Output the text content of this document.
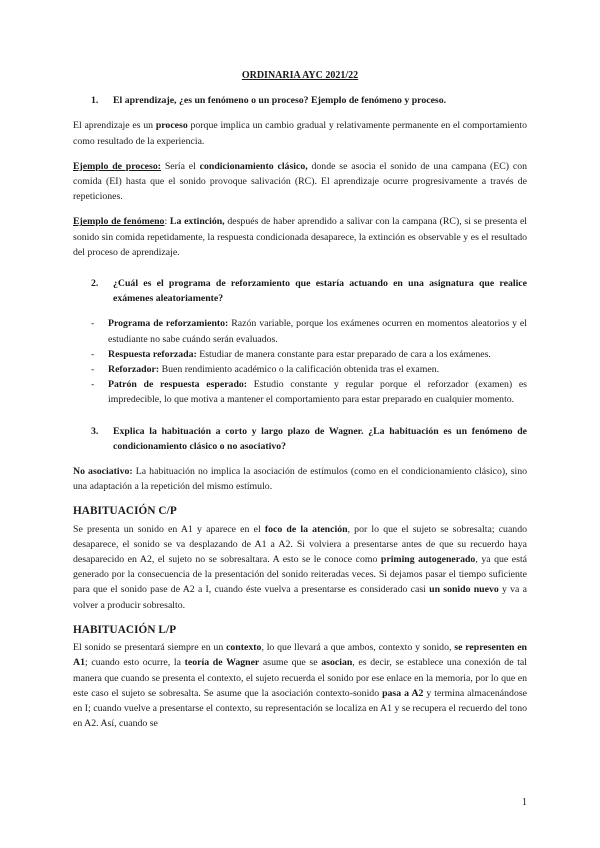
ORDINARIA AYC 2021/22
1.	El aprendizaje, ¿es un fenómeno o un proceso? Ejemplo de fenómeno y proceso.

El aprendizaje es un proceso porque implica un cambio gradual y relativamente permanente en el comportamiento como resultado de la experiencia.

Ejemplo de proceso: Sería el condicionamiento clásico, donde se asocia el sonido de una campana (EC) con comida (EI) hasta que el sonido provoque salivación (RC). El aprendizaje ocurre progresivamente a través de repeticiones.

Ejemplo de fenómeno: La extinción, después de haber aprendido a salivar con la campana (RC), si se presenta el sonido sin comida repetidamente, la respuesta condicionada desaparece, la extinción es observable y es el resultado del proceso de aprendizaje.

2.	¿Cuál es el programa de reforzamiento que estaría actuando en una asignatura que realice exámenes aleatoriamente?
-	Programa de reforzamiento: Razón variable, porque los exámenes ocurren en momentos aleatorios y el estudiante no sabe cuándo serán evaluados.
-	Respuesta reforzada: Estudiar de manera constante para estar preparado de cara a los exámenes.
-	Reforzador: Buen rendimiento académico o la calificación obtenida tras el examen.
-	Patrón de respuesta esperado: Estudio constante y regular porque el reforzador (examen) es impredecible, lo que motiva a mantener el comportamiento para estar preparado en cualquier momento.
3.	Explica la habituación a corto y largo plazo de Wagner. ¿La habituación es un fenómeno de condicionamiento clásico o no asociativo?

No asociativo: La habituación no implica la asociación de estímulos (como en el condicionamiento clásico), sino una adaptación a la repetición del mismo estímulo.

HABITUACIÓN C/P

Se presenta un sonido en A1 y aparece en el foco de la atención, por lo que el sujeto se sobresalta; cuando desaparece, el sonido se va desplazando de A1 a A2. Si volviera a presentarse antes de que su recuerdo haya desaparecido en A2, el sujeto no se sobresaltara. A esto se le conoce como priming autogenerado, ya que está generado por la consecuencia de la presentación del sonido reiteradas veces. Si dejamos pasar el tiempo suficiente para que el sonido pase de A2 a I, cuando éste vuelva a presentarse es considerado casi un sonido nuevo y va a volver a producir sobresalto.

HABITUACIÓN L/P

El sonido se presentará siempre en un contexto, lo que llevará a que ambos, contexto y sonido, se representen en A1; cuando esto ocurre, la teoría de Wagner asume que se asocian, es decir, se establece una conexión de tal manera que cuando se presenta el contexto, el sujeto recuerda el sonido por ese enlace en la memoria, por lo que en este caso el sujeto se sobresalta. Se asume que la asociación contexto-sonido pasa a A2 y termina almacenándose en I; cuando vuelve a presentarse el contexto, su representación se localiza en A1 y se recupera el recuerdo del tono en A2. Así, cuando se

1
